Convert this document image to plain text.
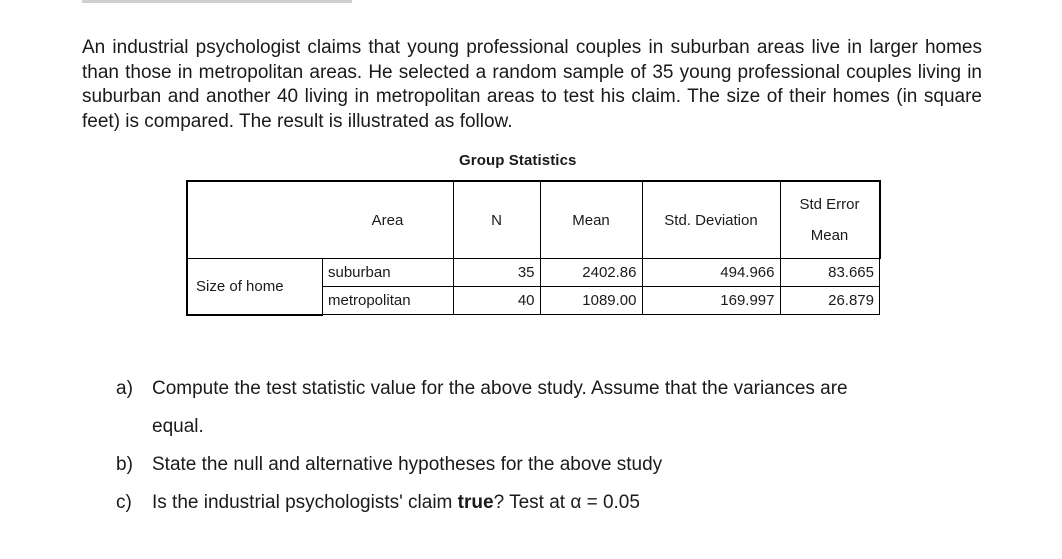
An industrial psychologist claims that young professional couples in suburban areas live in larger homes than those in metropolitan areas. He selected a random sample of 35 young professional couples living in suburban and another 40 living in metropolitan areas to test his claim. The size of their homes (in square feet) is compared. The result is illustrated as follow.

Group Statistics
	Area	N	Mean	Std. Deviation	Std Error
Mean
Size of home	suburban	35	2402.86	494.966	83.665
	metropolitan	40	1089.00	169.997	26.879
a) Compute the test statistic value for the above study. Assume that the variances are
equal.
b) State the null and alternative hypotheses for the above study
c) Is the industrial psychologists' claim true? Test at α = 0.05
